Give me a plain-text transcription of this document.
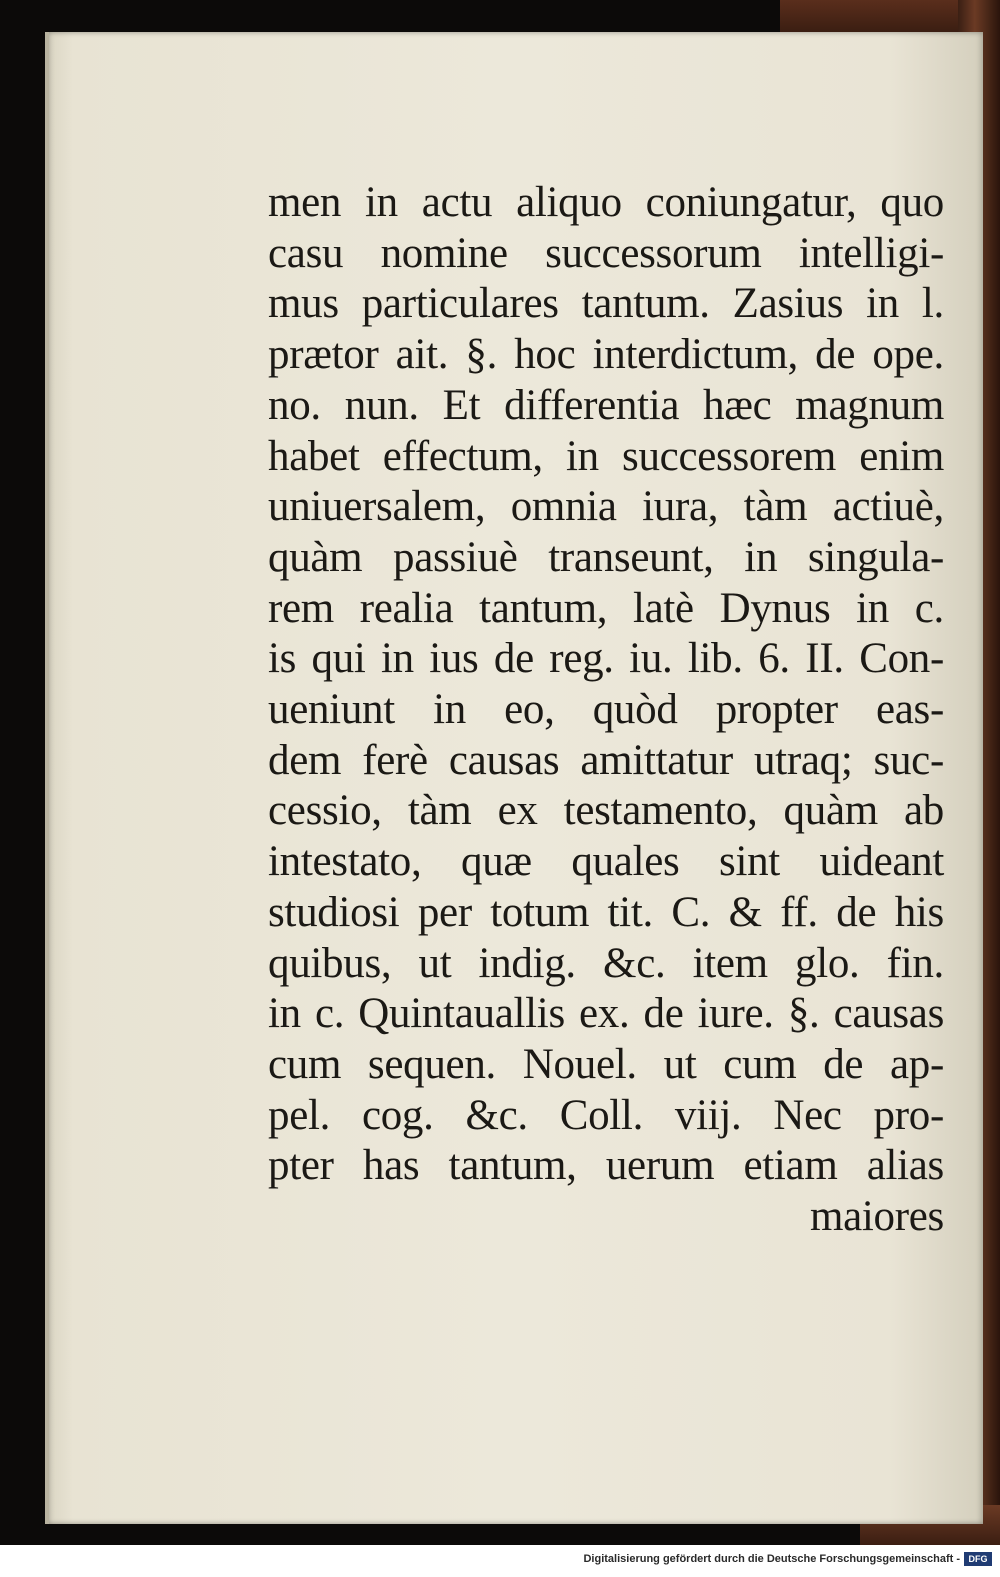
men in actu aliquo coniungatur, quo
casu nomine successorum intelligi-
mus particulares tantum. Zasius in l.
prætor ait. §. hoc interdictum, de ope.
no. nun. Et differentia hæc magnum
habet effectum, in successorem enim
uniuersalem, omnia iura, tàm actiuè,
quàm passiuè transeunt, in singula-
rem realia tantum, latè Dynus in c.
is qui in ius de reg. iu. lib. 6. II. Con-
ueniunt in eo, quòd propter eas-
dem ferè causas amittatur utraq; suc-
cessio, tàm ex testamento, quàm ab
intestato, quæ quales sint uideant
studiosi per totum tit. C. & ff. de his
quibus, ut indig. &c. item glo. fin.
in c. Quintauallis ex. de iure. §. causas
cum sequen. Nouel. ut cum de ap-
pel. cog. &c. Coll. viij. Nec pro-
pter has tantum, uerum etiam alias
maiores
Digitalisierung gefördert durch die Deutsche Forschungsgemeinschaft - DFG
